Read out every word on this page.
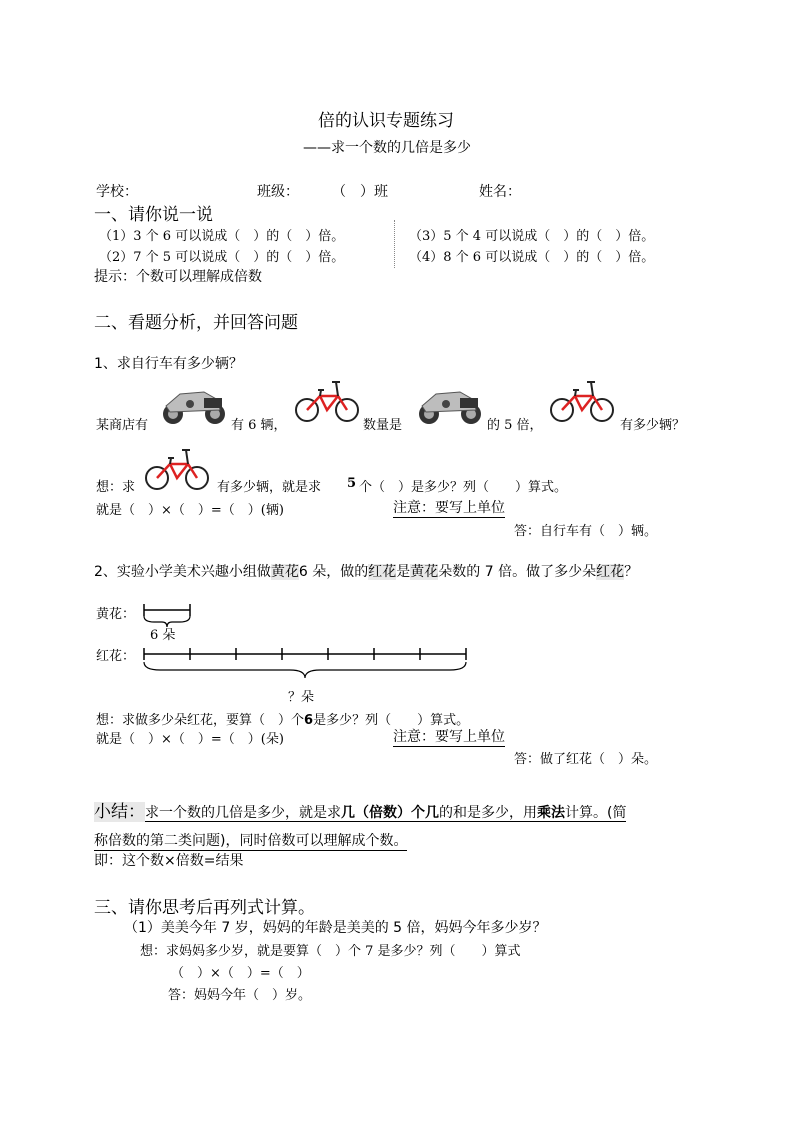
倍的认识专题练习
——求一个数的几倍是多少
学校：	班级： （　）班	姓名：
一、请你说一说
（1）3 个 6 可以说成（　）的（　）倍。
（2）7 个 5 可以说成（　）的（　）倍。
（3）5 个 4 可以说成（　）的（　）倍。
（4）8 个 6 可以说成（　）的（　）倍。
提示：个数可以理解成倍数
二、看题分析，并回答问题
1、求自行车有多少辆？
某商店有	有 6 辆，	数量是	的 5 倍，	有多少辆？
想：求	有多少辆，就是求 5 个（　）是多少？列（　　）算式。
就是（　）×（　）=（　）(辆)	注意：要写上单位
答：自行车有（　）辆。
2、实验小学美术兴趣小组做黄花6 朵，做的红花是黄花朵数的 7 倍。做了多少朵红花？
黄花：
6 朵
红花：
？朵
想：求做多少朵红花，要算（　）个6是多少？列（　　）算式。
就是（　）×（　）=（　）(朵)	注意：要写上单位
答：做了红花（　）朵。
小结：求一个数的几倍是多少，就是求几（倍数）个几的和是多少，用乘法计算。(简
称倍数的第二类问题)，同时倍数可以理解成个数。
即：这个数×倍数=结果
三、请你思考后再列式计算。
（1）美美今年 7 岁，妈妈的年龄是美美的 5 倍，妈妈今年多少岁？
想：求妈妈多少岁，就是要算（　）个 7 是多少？列（　　）算式
（　）×（　）=（　）
答：妈妈今年（　）岁。
